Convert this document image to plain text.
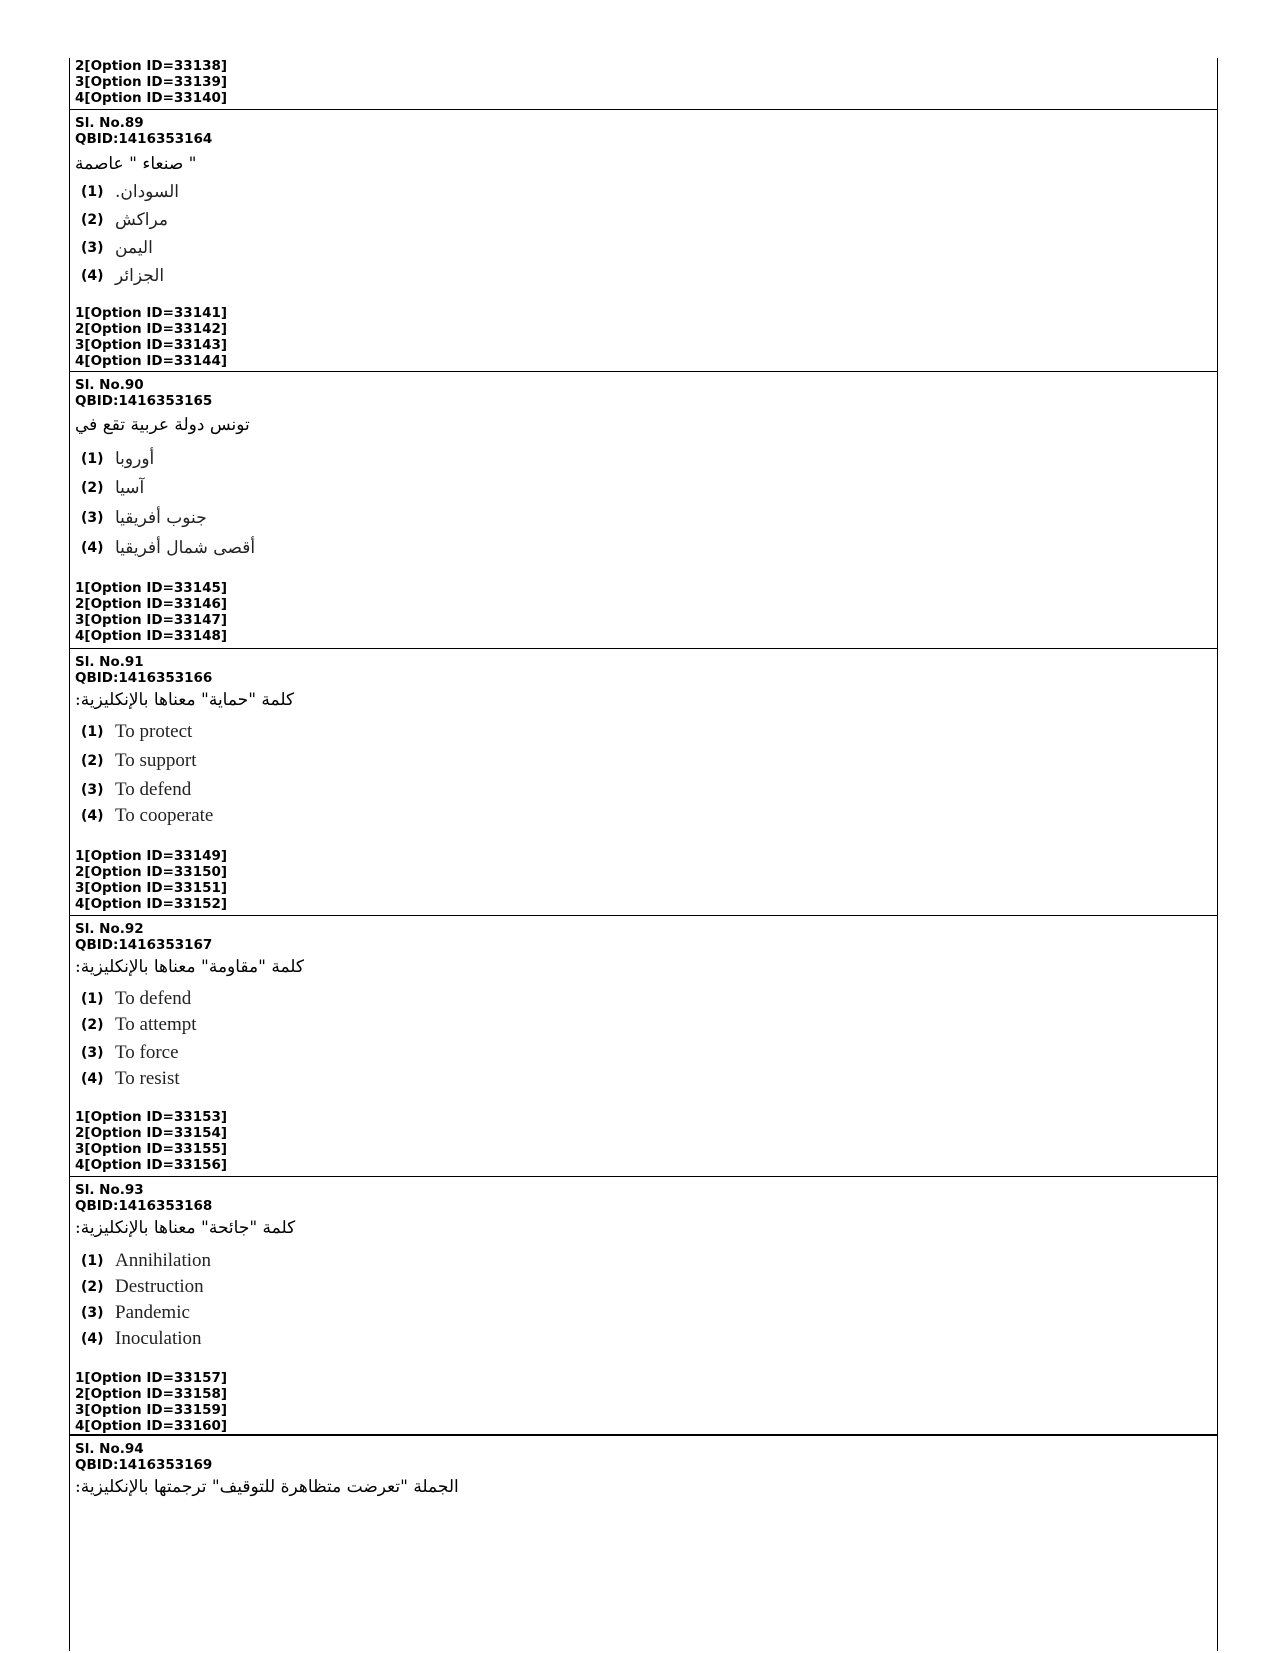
2[Option ID=33138]
3[Option ID=33139]
4[Option ID=33140]
Sl. No.89
QBID:1416353164
" صنعاء " عاصمة
(1) السودان.
(2) مراكش
(3) اليمن
(4) الجزائر
1[Option ID=33141]
2[Option ID=33142]
3[Option ID=33143]
4[Option ID=33144]
Sl. No.90
QBID:1416353165
تونس دولة عربية تقع في
(1) أوروبا
(2) آسيا
(3) جنوب أفريقيا
(4) أقصى شمال أفريقيا
1[Option ID=33145]
2[Option ID=33146]
3[Option ID=33147]
4[Option ID=33148]
Sl. No.91
QBID:1416353166
كلمة "حماية" معناها بالإنكليزية:
(1) To protect
(2) To support
(3) To defend
(4) To cooperate
1[Option ID=33149]
2[Option ID=33150]
3[Option ID=33151]
4[Option ID=33152]
Sl. No.92
QBID:1416353167
كلمة "مقاومة" معناها بالإنكليزية:
(1) To defend
(2) To attempt
(3) To force
(4) To resist
1[Option ID=33153]
2[Option ID=33154]
3[Option ID=33155]
4[Option ID=33156]
Sl. No.93
QBID:1416353168
كلمة "جائحة" معناها بالإنكليزية:
(1) Annihilation
(2) Destruction
(3) Pandemic
(4) Inoculation
1[Option ID=33157]
2[Option ID=33158]
3[Option ID=33159]
4[Option ID=33160]
Sl. No.94
QBID:1416353169
الجملة "تعرضت متظاهرة للتوقيف" ترجمتها بالإنكليزية:
